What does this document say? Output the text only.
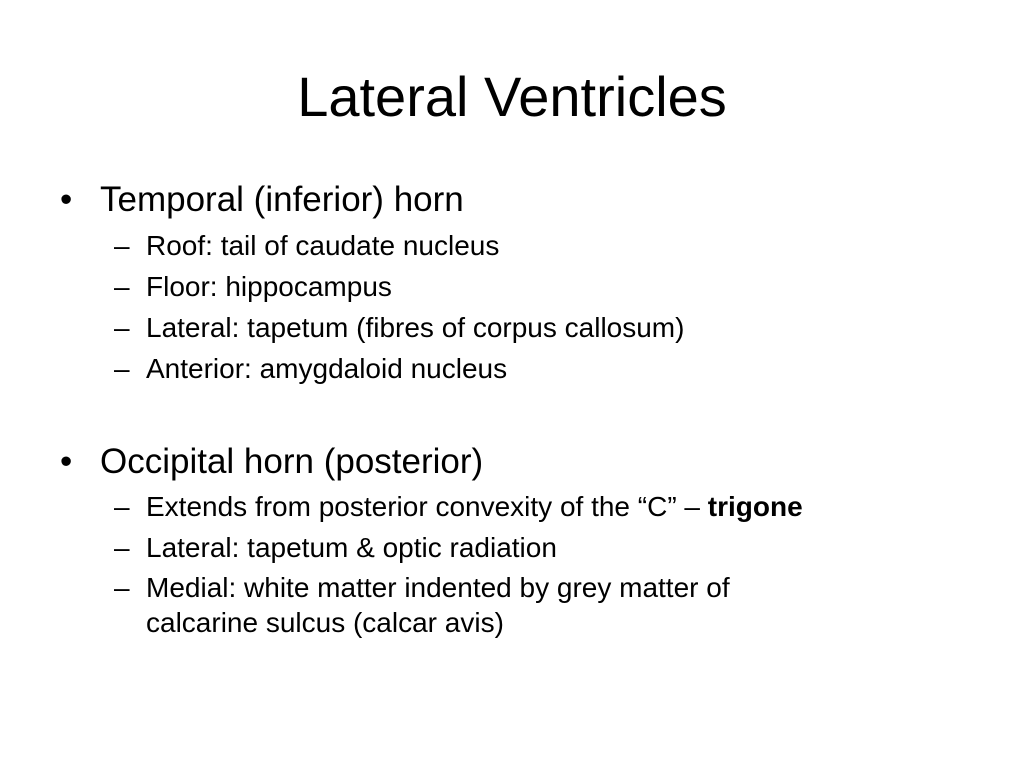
Lateral Ventricles
• Temporal (inferior) horn
– Roof: tail of caudate nucleus
– Floor: hippocampus
– Lateral: tapetum (fibres of corpus callosum)
– Anterior: amygdaloid nucleus
• Occipital horn (posterior)
– Extends from posterior convexity of the “C” – trigone
– Lateral: tapetum & optic radiation
– Medial: white matter indented by grey matter of
calcarine sulcus (calcar avis)
